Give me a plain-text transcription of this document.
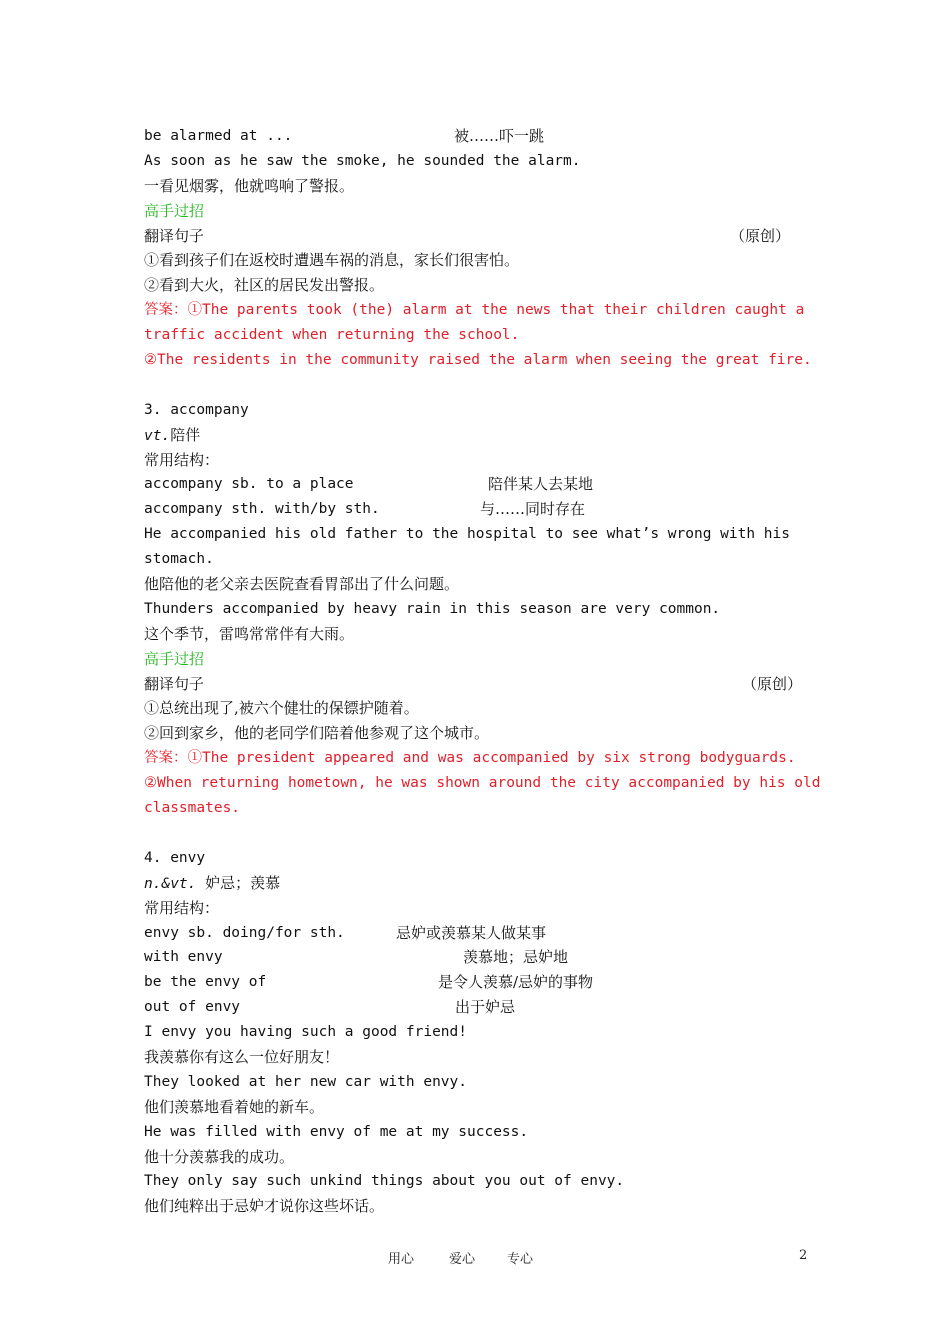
be alarmed at ...	被……吓一跳
As soon as he saw the smoke, he sounded the alarm.
一看见烟雾，他就鸣响了警报。
高手过招
翻译句子	（原创）
①看到孩子们在返校时遭遇车祸的消息，家长们很害怕。
②看到大火，社区的居民发出警报。
答案：①The parents took (the) alarm at the news that their children caught a
traffic accident when returning the school.
②The residents in the community raised the alarm when seeing the great fire.
3. accompany
vt.陪伴
常用结构：
accompany sb. to a place	陪伴某人去某地
accompany sth. with/by sth.	与……同时存在
He accompanied his old father to the hospital to see what’s wrong with his
stomach.
他陪他的老父亲去医院查看胃部出了什么问题。
Thunders accompanied by heavy rain in this season are very common.
这个季节，雷鸣常常伴有大雨。
高手过招
翻译句子	（原创）
①总统出现了,被六个健壮的保镖护随着。
②回到家乡，他的老同学们陪着他参观了这个城市。
答案：①The president appeared and was accompanied by six strong bodyguards.
②When returning hometown, he was shown around the city accompanied by his old
classmates.
4. envy
n.&vt. 妒忌；羡慕
常用结构：
envy sb. doing/for sth.	忌妒或羡慕某人做某事
with envy	羡慕地；忌妒地
be the envy of	是令人羡慕/忌妒的事物
out of envy	出于妒忌
I envy you having such a good friend!
我羡慕你有这么一位好朋友！
They looked at her new car with envy.
他们羡慕地看着她的新车。
He was filled with envy of me at my success.
他十分羡慕我的成功。
They only say such unkind things about you out of envy.
他们纯粹出于忌妒才说你这些坏话。
用心	爱心 专心	2
